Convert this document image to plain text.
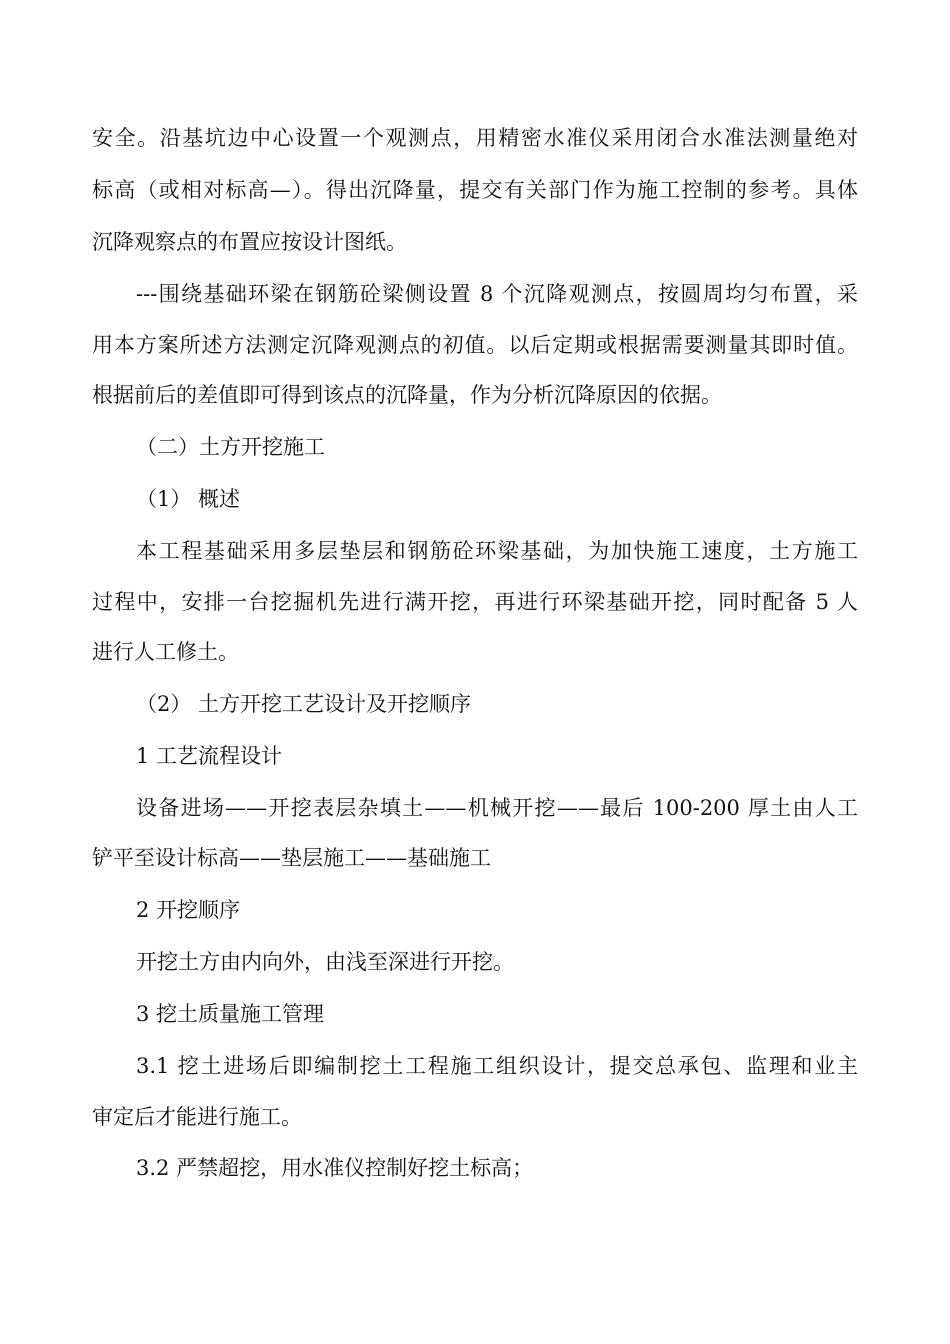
安全。沿基坑边中心设置一个观测点，用精密水准仪采用闭合水准法测量绝对
标高（或相对标高—）。得出沉降量，提交有关部门作为施工控制的参考。具体
沉降观察点的布置应按设计图纸。
---围绕基础环梁在钢筋砼梁侧设置 8 个沉降观测点，按圆周均匀布置，采
用本方案所述方法测定沉降观测点的初值。以后定期或根据需要测量其即时值。
根据前后的差值即可得到该点的沉降量，作为分析沉降原因的依据。
（二）土方开挖施工
（1） 概述
本工程基础采用多层垫层和钢筋砼环梁基础，为加快施工速度，土方施工
过程中，安排一台挖掘机先进行满开挖，再进行环梁基础开挖，同时配备 5 人
进行人工修土。
（2） 土方开挖工艺设计及开挖顺序
1 工艺流程设计
设备进场——开挖表层杂填土——机械开挖——最后 100-200 厚土由人工
铲平至设计标高——垫层施工——基础施工
2 开挖顺序
开挖土方由内向外，由浅至深进行开挖。
3 挖土质量施工管理
3.1 挖土进场后即编制挖土工程施工组织设计，提交总承包、监理和业主
审定后才能进行施工。
3.2 严禁超挖，用水准仪控制好挖土标高；
